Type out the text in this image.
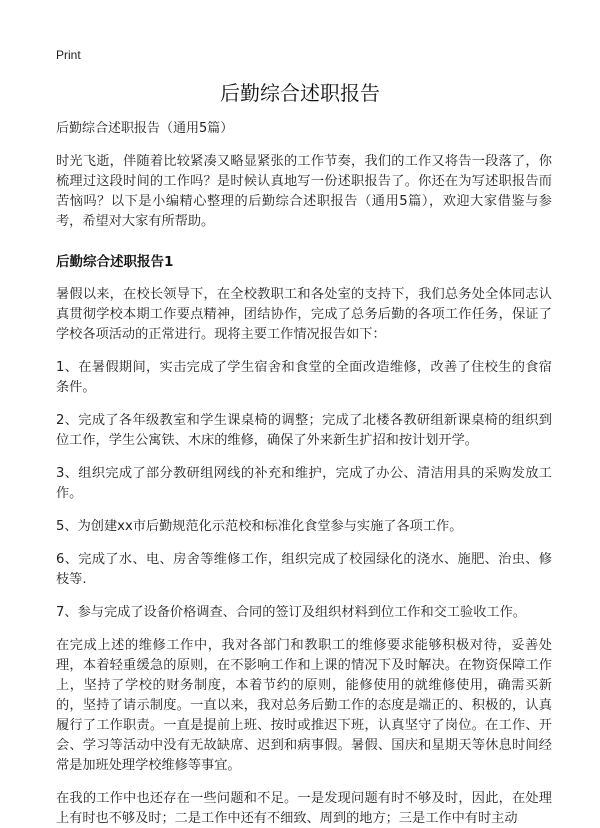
Print
后勤综合述职报告

后勤综合述职报告（通用5篇）

时光飞逝，伴随着比较紧凑又略显紧张的工作节奏，我们的工作又将告一段落了，你梳理过这段时间的工作吗？是时候认真地写一份述职报告了。你还在为写述职报告而苦恼吗？以下是小编精心整理的后勤综合述职报告（通用5篇），欢迎大家借鉴与参考，希望对大家有所帮助。

后勤综合述职报告1

暑假以来，在校长领导下，在全校教职工和各处室的支持下，我们总务处全体同志认真贯彻学校本期工作要点精神，团结协作，完成了总务后勤的各项工作任务，保证了学校各项活动的正常进行。现将主要工作情况报告如下：

1、在暑假期间，实击完成了学生宿舍和食堂的全面改造维修，改善了住校生的食宿条件。

2、完成了各年级教室和学生课桌椅的调整；完成了北楼各教研组新课桌椅的组织到位工作，学生公寓铁、木床的维修，确保了外来新生扩招和按计划开学。

3、组织完成了部分教研组网线的补充和维护，完成了办公、清洁用具的采购发放工作。

5、为创建xx市后勤规范化示范校和标准化食堂参与实施了各项工作。

6、完成了水、电、房舍等维修工作，组织完成了校园绿化的浇水、施肥、治虫、修枝等.

7、参与完成了设备价格调查、合同的签订及组织材料到位工作和交工验收工作。

在完成上述的维修工作中，我对各部门和教职工的维修要求能够积极对待，妥善处理，本着轻重缓急的原则，在不影响工作和上课的情况下及时解决。在物资保障工作上，坚持了学校的财务制度，本着节约的原则，能修使用的就维修使用，确需买新的，坚持了请示制度。一直以来，我对总务后勤工作的态度是端正的、积极的，认真履行了工作职责。一直是提前上班、按时或推迟下班，认真坚守了岗位。在工作、开会、学习等活动中没有无故缺席、迟到和病事假。暑假、国庆和星期天等休息时间经常是加班处理学校维修等事宜。

在我的工作中也还存在一些问题和不足。一是发现问题有时不够及时，因此，在处理上有时也不够及时；二是工作中还有不细致、周到的地方；三是工作中有时主动
